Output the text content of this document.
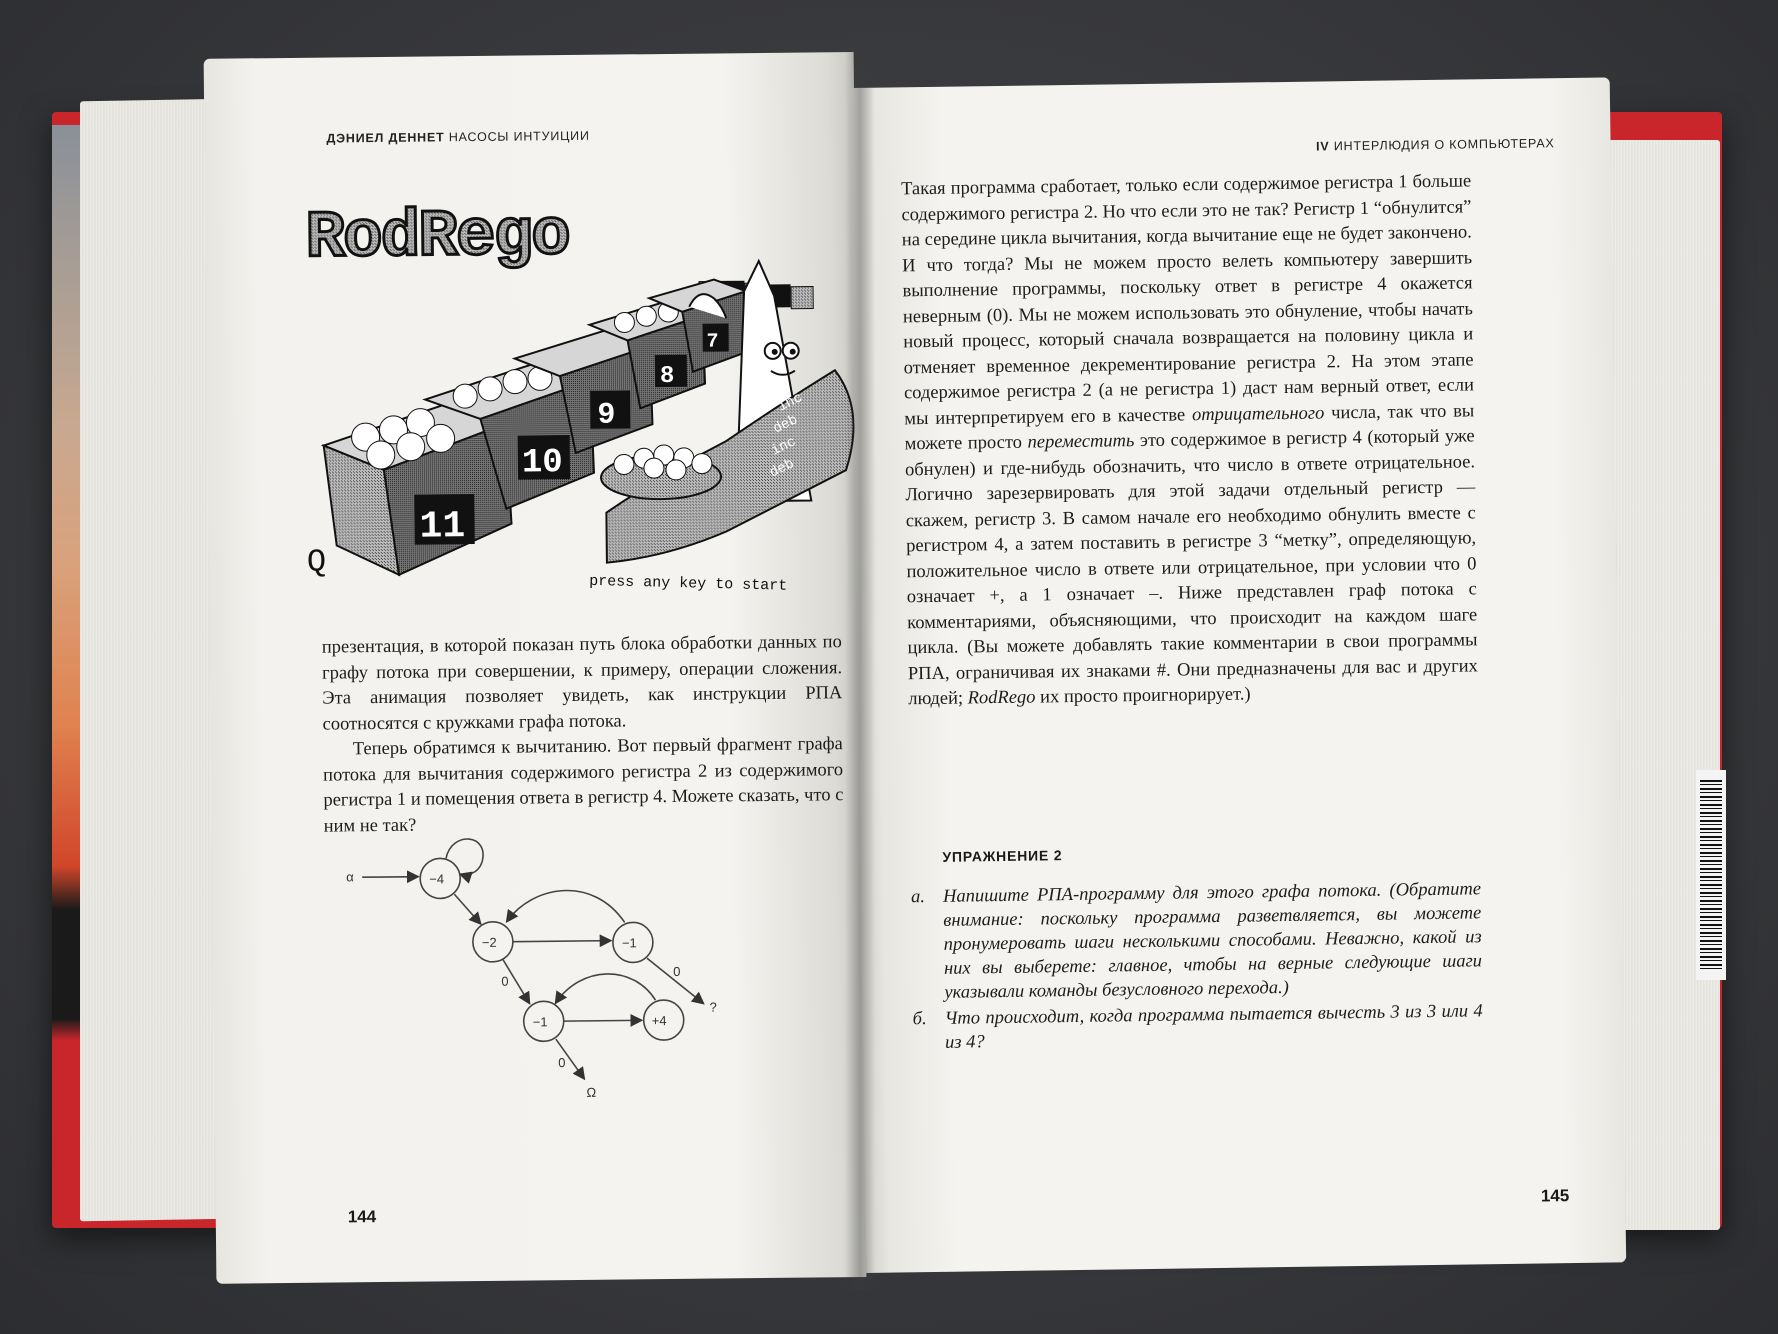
ДЭНИЕЛ ДЕННЕТ НАСОСЫ ИНТУИЦИИ
RodRego
11
10
9
8
7
inc
deb
inc
deb
Q
press any key to start

презентация, в которой показан путь блока обработки данных по графу потока при совершении, к примеру, операции сложения. Эта анимация позволяет увидеть, как инструкции РПА соотносятся с кружками графа потока.

Теперь обратимся к вычитанию. Вот первый фрагмент графа потока для вычитания содержимого регистра 2 из содержимого регистра 1 и помещения ответа в регистр 4. Можете сказать, что с ним не так?

α	−4
−2	−1
0
?
0
−1	+4
0
Ω
144
IV ИНТЕРЛЮДИЯ О КОМПЬЮТЕРАХ

Такая программа сработает, только если содержимое регистра 1 больше содержимого регистра 2. Но что если это не так? Регистр 1 “обнулится” на середине цикла вычитания, когда вычитание еще не будет закончено. И что тогда? Мы не можем просто велеть компьютеру завершить выполнение программы, поскольку ответ в регистре 4 окажется неверным (0). Мы не можем использовать это обнуление, чтобы начать новый процесс, который сначала возвращается на половину цикла и отменяет временное декрементирование регистра 2. На этом этапе содержимое регистра 2 (а не регистра 1) даст нам верный ответ, если мы интерпретируем его в качестве отрицательного числа, так что вы можете просто переместить это содержимое в регистр 4 (который уже обнулен) и где-нибудь обозначить, что число в ответе отрицательное. Логично зарезервировать для этой задачи отдельный регистр — скажем, регистр 3. В самом начале его необходимо обнулить вместе с регистром 4, а затем поставить в регистре 3 “метку”, определяющую, положительное число в ответе или отрицательное, при условии что 0 означает +, а 1 означает –. Ниже представлен граф потока с комментариями, объясняющими, что происходит на каждом шаге цикла. (Вы можете добавлять такие комментарии в свои программы РПА, ограничивая их знаками #. Они предназначены для вас и других людей; RodRego их просто проигнорирует.)

УПРАЖНЕНИЕ 2
a. Напишите РПА-программу для этого графа потока. (Обратите внимание: поскольку программа разветвляется, вы можете пронумеровать шаги несколькими способами. Неважно, какой из них вы выберете: главное, чтобы на верные следующие шаги указывали команды безусловного перехода.)
б. Что происходит, когда программа пытается вычесть 3 из 3 или 4 из 4?
145
